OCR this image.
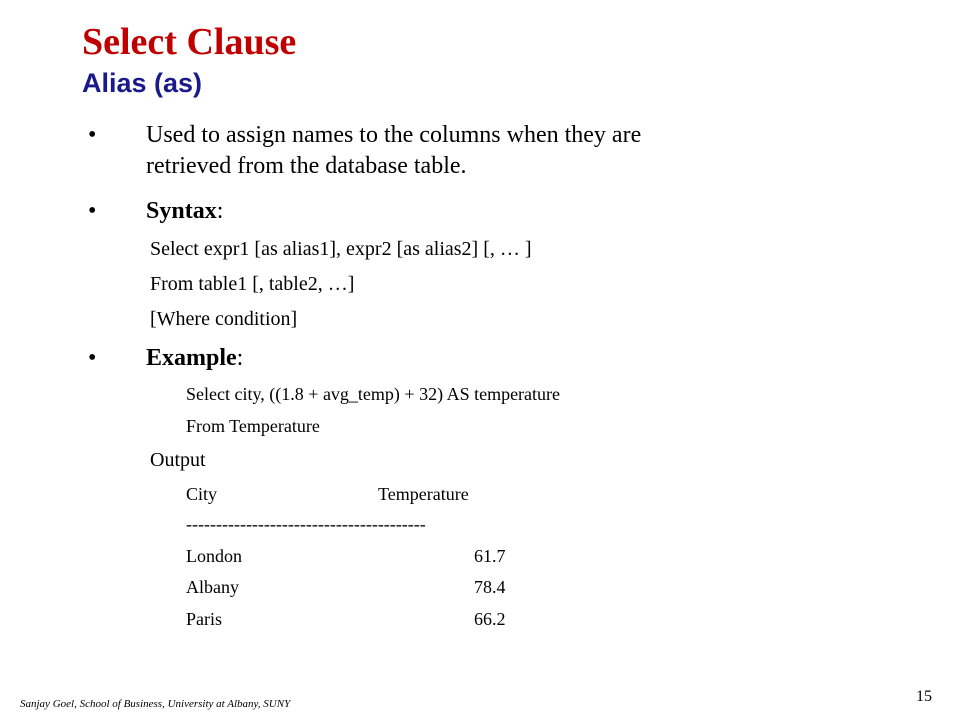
Select Clause
Alias (as)
• Used to assign names to the columns when they are
retrieved from the database table.
• Syntax:
Select expr1 [as alias1], expr2 [as alias2] [, … ]
From table1 [, table2, …]
[Where condition]
• Example:
Select city, ((1.8 + avg_temp) + 32) AS temperature
From Temperature
Output
City	Temperature
----------------------------------------
London	61.7
Albany	78.4
Paris	66.2
Sanjay Goel, School of Business, University at Albany, SUNY	15
